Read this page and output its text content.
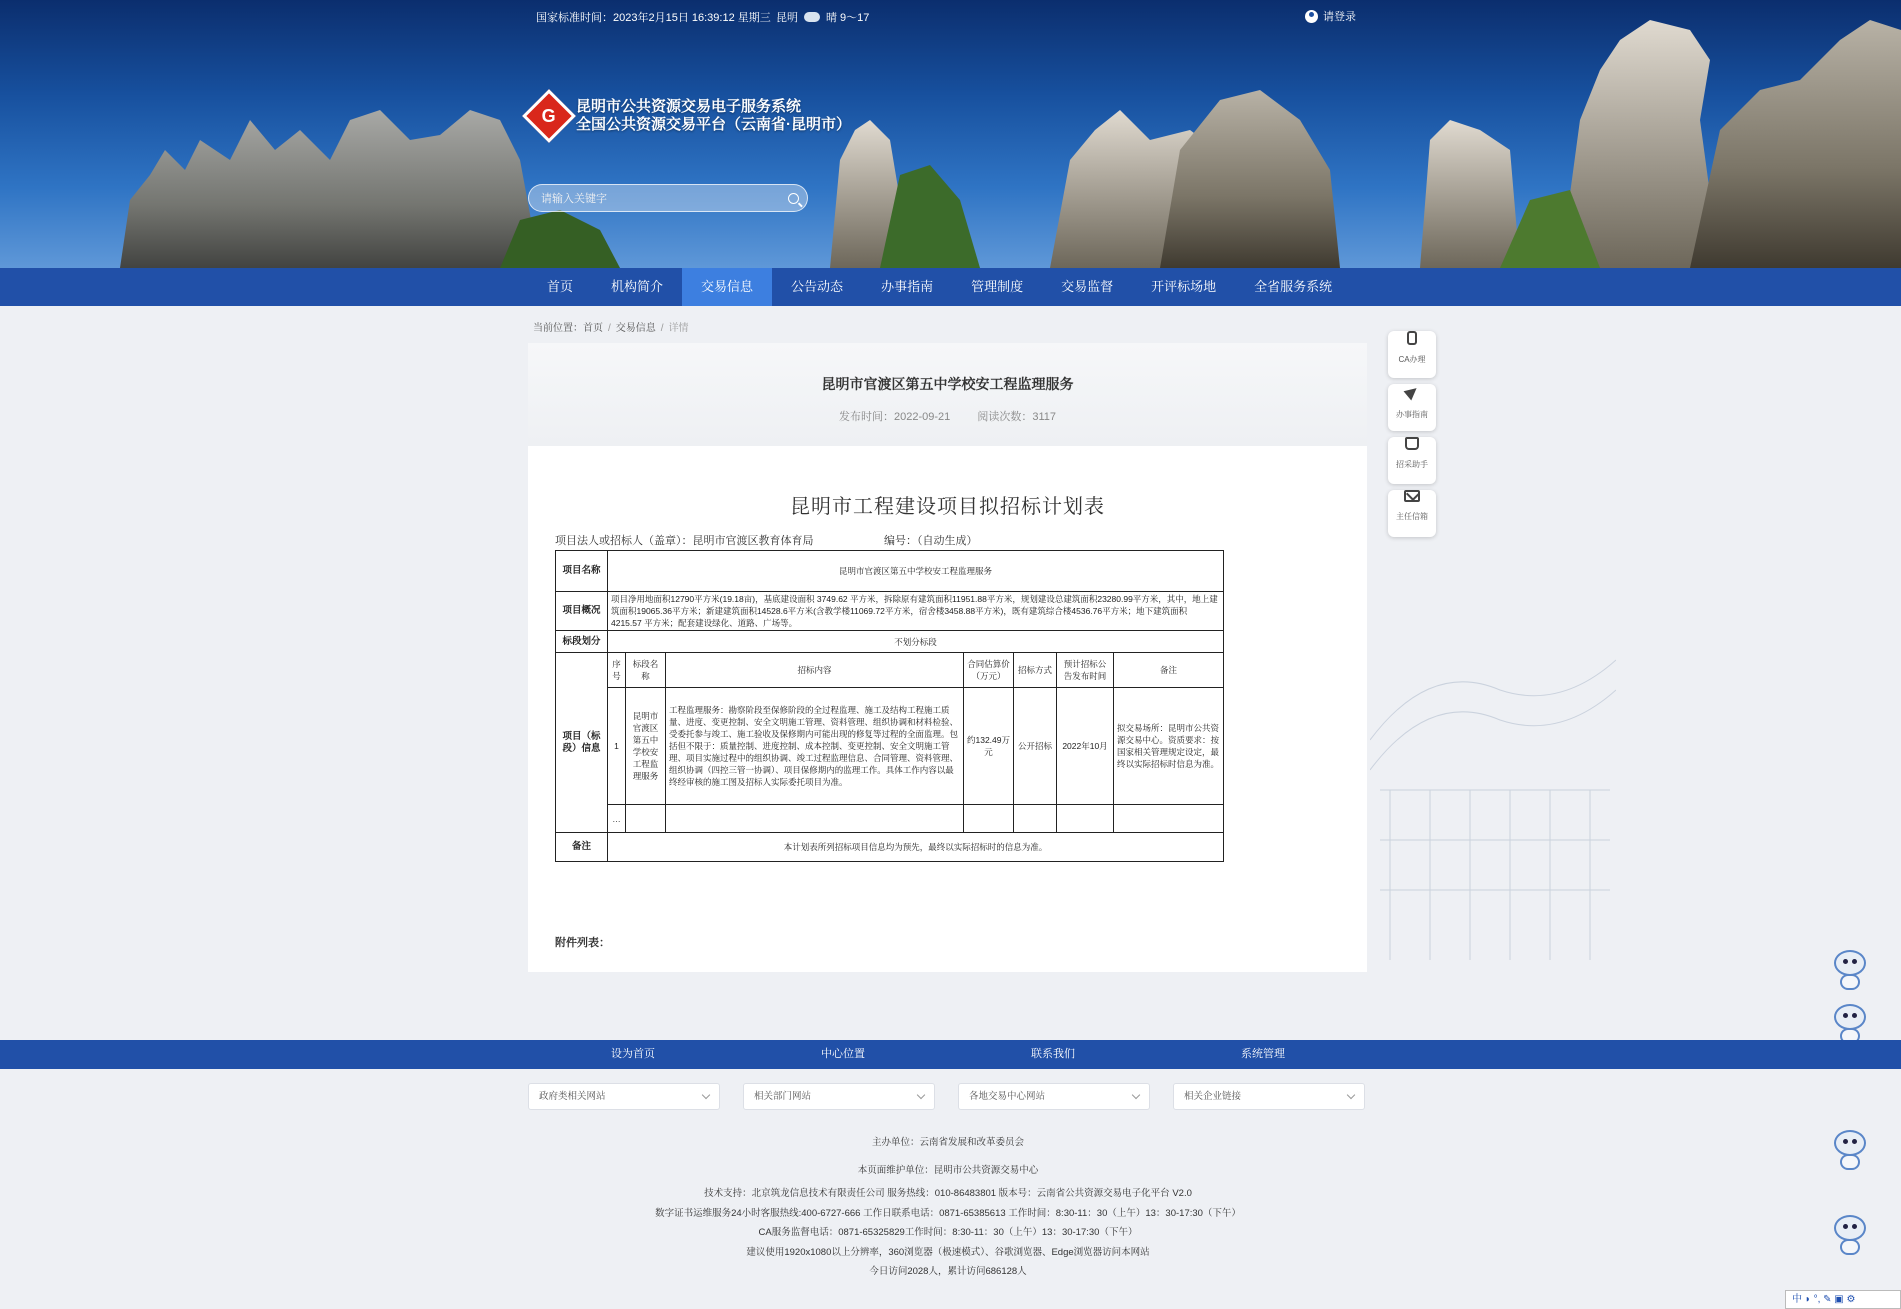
国家标准时间：2023年2月15日 16:39:12 星期三 昆明	晴 9～17	请登录
G 昆明市公共资源交易电子服务系统
全国公共资源交易平台（云南省·昆明市）
请输入关键字
首页	机构简介	交易信息	公告动态	办事指南	管理制度	交易监督	开评标场地	全省服务系统
当前位置：首页 / 交易信息 / 详情
昆明市官渡区第五中学校安工程监理服务
发布时间：2022-09-21 阅读次数：3117
昆明市工程建设项目拟招标计划表
项目法人或招标人（盖章）：昆明市官渡区教育体育局	编号：（自动生成）
项目名称	昆明市官渡区第五中学校安工程监理服务						
项目概况	项目净用地面积12790平方米(19.18亩)，基底建设面积 3749.62 平方米，拆除原有建筑面积11951.88平方米，规划建设总建筑面积23280.99平方米，其中，地上建筑面积19065.36平方米；新建建筑面积14528.6平方米(含教学楼11069.72平方米，宿舍楼3458.88平方米)，既有建筑综合楼4536.76平方米；地下建筑面积 4215.57 平方米；配套建设绿化、道路、广场等。						
标段划分	不划分标段						
项目（标段）信息	序号	标段名称	招标内容	合同估算价（万元）	招标方式	预计招标公告发布时间	备注
	1	昆明市官渡区第五中学校安工程监理服务	工程监理服务：勘察阶段至保修阶段的全过程监理、施工及结构工程施工质量、进度、变更控制、安全文明施工管理、资料管理、组织协调和材料检验、受委托参与竣工、施工验收及保修期内可能出现的修复等过程的全面监理。包括但不限于：质量控制、进度控制、成本控制、变更控制、安全文明施工管理、项目实施过程中的组织协调、竣工过程监理信息、合同管理、资料管理、组织协调（四控三管一协调）、项目保修期内的监理工作。具体工作内容以最终经审核的施工图及招标人实际委托项目为准。	约132.49万元	公开招标	2022年10月	拟交易场所：昆明市公共资源交易中心。资质要求：按国家相关管理规定设定，最终以实际招标时信息为准。
	…						
备注	本计划表所列招标项目信息均为预先，最终以实际招标时的信息为准。						
附件列表：
CA办理
办事指南
招采助手
主任信箱
设为首页	中心位置	联系我们	系统管理
政府类相关网站	相关部门网站	各地交易中心网站	相关企业链接

主办单位：云南省发展和改革委员会

本页面维护单位：昆明市公共资源交易中心

技术支持：北京筑龙信息技术有限责任公司 服务热线：010-86483801 版本号：云南省公共资源交易电子化平台 V2.0

数字证书运维服务24小时客服热线:400-6727-666 工作日联系电话：0871-65385613 工作时间：8:30-11：30（上午）13：30-17:30（下午）

CA服务监督电话：0871-65325829工作时间：8:30-11：30（上午）13：30-17:30（下午）

建议使用1920x1080以上分辨率，360浏览器（极速模式）、谷歌浏览器、Edge浏览器访问本网站

今日访问2028人，累计访问686128人

中 ◗ °, ✎ ▣ ⚙
